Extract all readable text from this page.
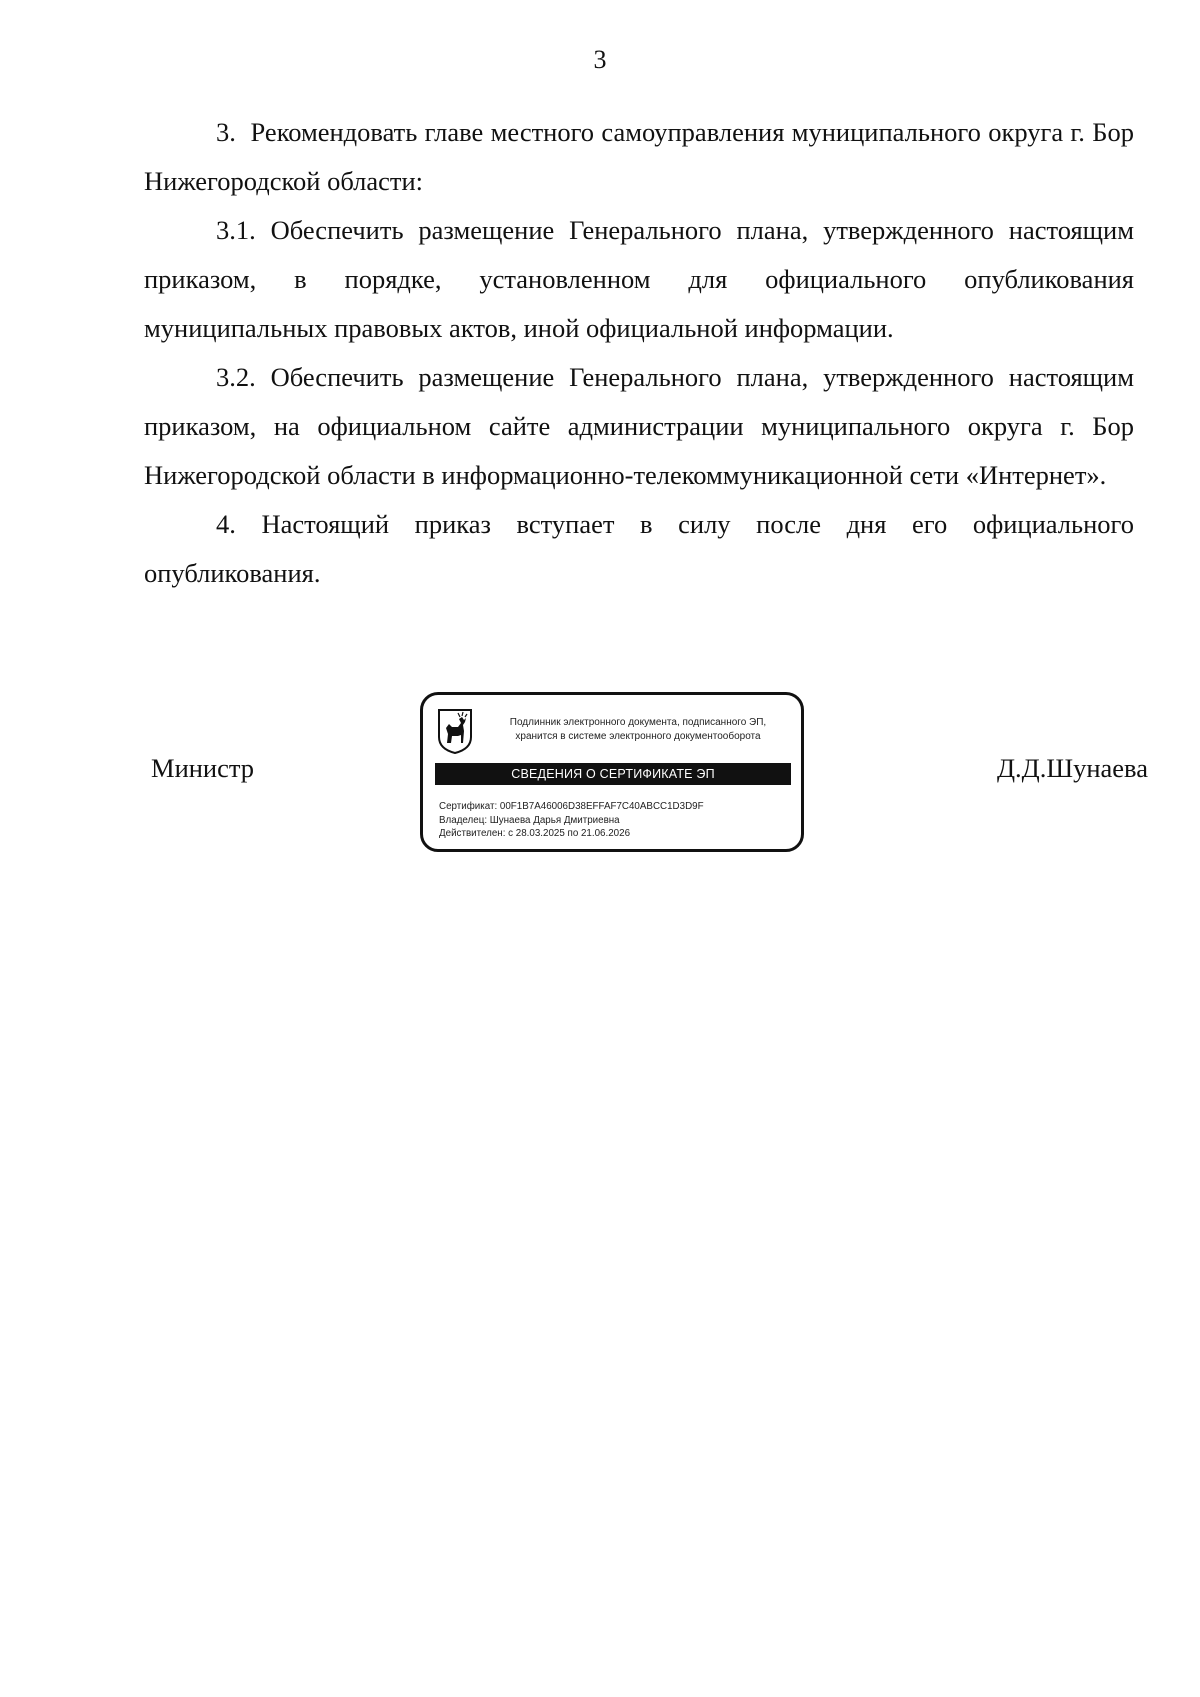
3

3.  Рекомендовать главе местного самоуправления муниципального округа г. Бор Нижегородской области:

3.1. Обеспечить размещение Генерального плана, утвержденного настоящим приказом, в порядке, установленном для официального опубликования муниципальных правовых актов, иной официальной информации.

3.2. Обеспечить размещение Генерального плана, утвержденного настоящим приказом, на официальном сайте администрации муниципального округа г. Бор Нижегородской области в информационно-телекоммуникационной сети «Интернет».

4. Настоящий приказ вступает в силу после дня его официального опубликования.

Министр
Подлинник электронного документа, подписанного ЭП,
хранится в системе электронного документооборота
СВЕДЕНИЯ О СЕРТИФИКАТЕ ЭП
Сертификат: 00F1B7A46006D38EFFAF7C40ABCC1D3D9F
Владелец: Шунаева Дарья Дмитриевна
Действителен: с 28.03.2025 по 21.06.2026
Д.Д.Шунаева
